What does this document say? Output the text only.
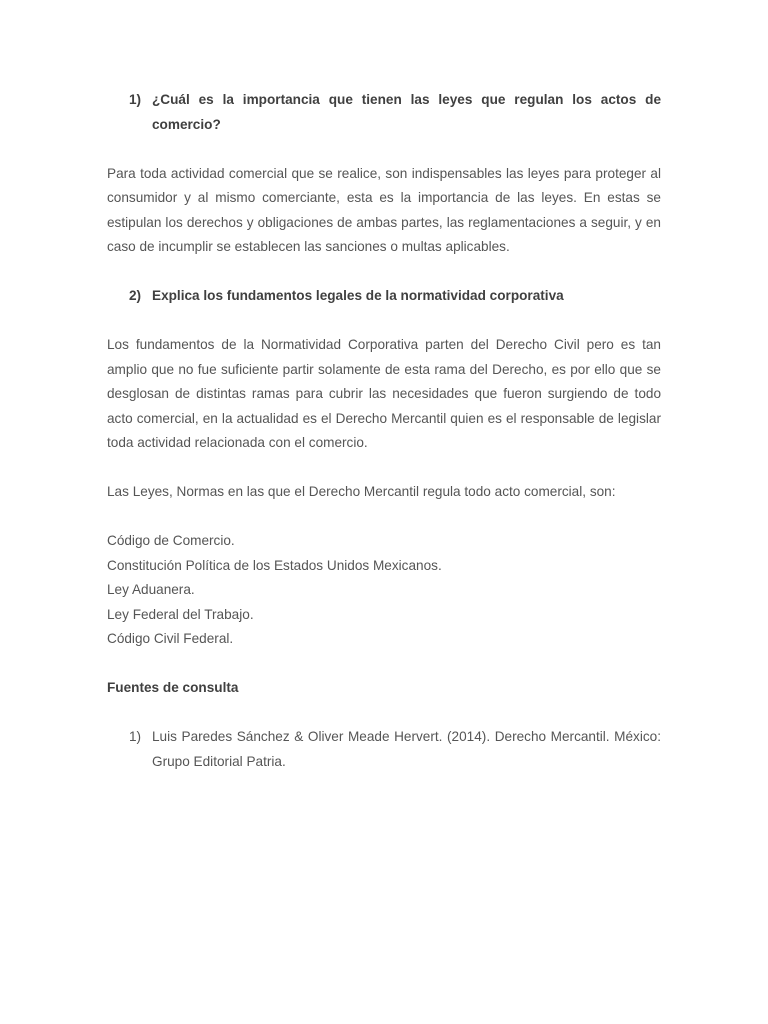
1) ¿Cuál es la importancia que tienen las leyes que regulan los actos de comercio?

Para toda actividad comercial que se realice, son indispensables las leyes para proteger al consumidor y al mismo comerciante, esta es la importancia de las leyes. En estas se estipulan los derechos y obligaciones de ambas partes, las reglamentaciones a seguir, y en caso de incumplir se establecen las sanciones o multas aplicables.

2) Explica los fundamentos legales de la normatividad corporativa

Los fundamentos de la Normatividad Corporativa parten del Derecho Civil pero es tan amplio que no fue suficiente partir solamente de esta rama del Derecho, es por ello que se desglosan de distintas ramas para cubrir las necesidades que fueron surgiendo de todo acto comercial, en la actualidad es el Derecho Mercantil quien es el responsable de legislar toda actividad relacionada con el comercio.

Las Leyes, Normas en las que el Derecho Mercantil regula todo acto comercial, son:

Código de Comercio.
Constitución Política de los Estados Unidos Mexicanos.
Ley Aduanera.
Ley Federal del Trabajo.
Código Civil Federal.
Fuentes de consulta
1) Luis Paredes Sánchez & Oliver Meade Hervert. (2014). Derecho Mercantil. México: Grupo Editorial Patria.
